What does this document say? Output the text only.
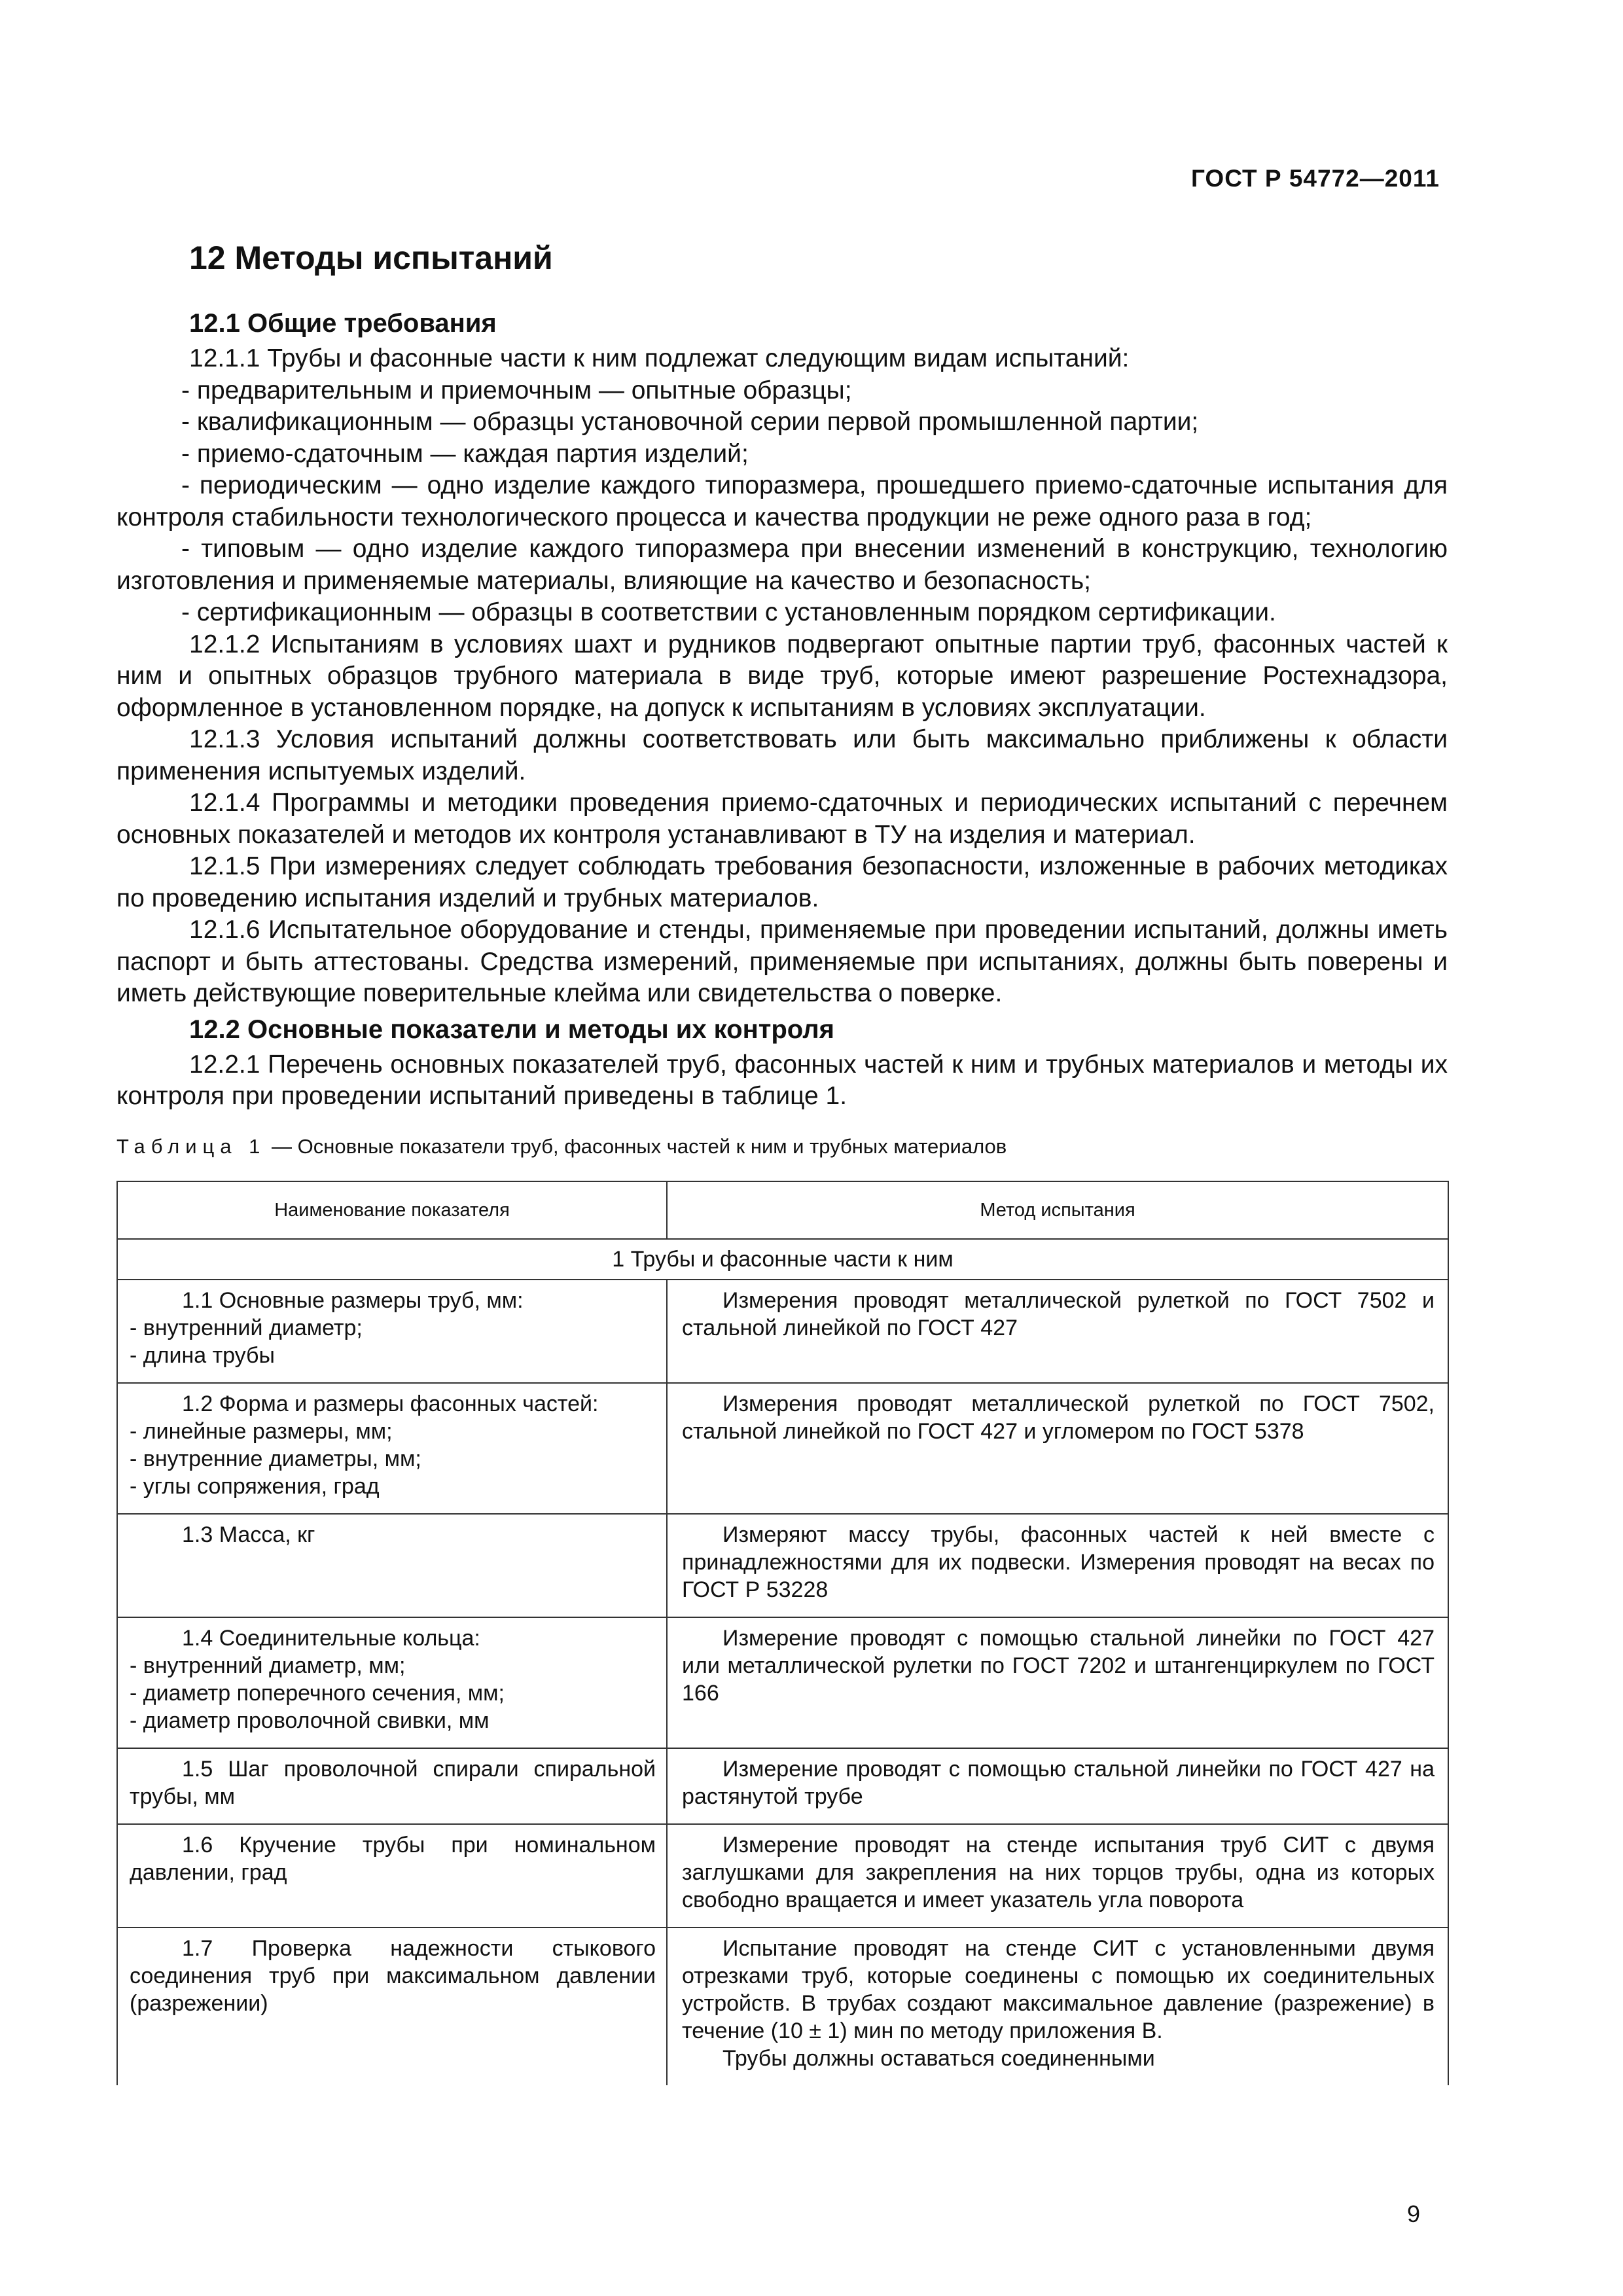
ГОСТ Р 54772—2011
12 Методы испытаний
12.1 Общие требования

12.1.1 Трубы и фасонные части к ним подлежат следующим видам испытаний:

- предварительным и приемочным — опытные образцы;

- квалификационным — образцы установочной серии первой промышленной партии;

- приемо-сдаточным — каждая партия изделий;

- периодическим — одно изделие каждого типоразмера, прошедшего приемо-сдаточные испытания для контроля стабильности технологического процесса и качества продукции не реже одного раза в год;

- типовым — одно изделие каждого типоразмера при внесении изменений в конструкцию, технологию изготовления и применяемые материалы, влияющие на качество и безопасность;

- сертификационным — образцы в соответствии с установленным порядком сертификации.

12.1.2 Испытаниям в условиях шахт и рудников подвергают опытные партии труб, фасонных частей к ним и опытных образцов трубного материала в виде труб, которые имеют разрешение Ростехнадзора, оформленное в установленном порядке, на допуск к испытаниям в условиях эксплуатации.

12.1.3 Условия испытаний должны соответствовать или быть максимально приближены к области применения испытуемых изделий.

12.1.4 Программы и методики проведения приемо-сдаточных и периодических испытаний с перечнем основных показателей и методов их контроля устанавливают в ТУ на изделия и материал.

12.1.5 При измерениях следует соблюдать требования безопасности, изложенные в рабочих методиках по проведению испытания изделий и трубных материалов.

12.1.6 Испытательное оборудование и стенды, применяемые при проведении испытаний, должны иметь паспорт и быть аттестованы. Средства измерений, применяемые при испытаниях, должны быть поверены и иметь действующие поверительные клейма или свидетельства о поверке.

12.2 Основные показатели и методы их контроля

12.2.1 Перечень основных показателей труб, фасонных частей к ним и трубных материалов и методы их контроля при проведении испытаний приведены в таблице 1.

Таблица 1 — Основные показатели труб, фасонных частей к ним и трубных материалов
Наименование показателя	Метод испытания
1 Трубы и фасонные части к ним	

1.1 Основные размеры труб, мм:
- внутренний диаметр;
- длина трубы	Измерения проводят металлической рулеткой по ГОСТ 7502 и стальной линейкой по ГОСТ 427

1.2 Форма и размеры фасонных частей:
- линейные размеры, мм;
- внутренние диаметры, мм;
- углы сопряжения, град	Измерения проводят металлической рулеткой по ГОСТ 7502, стальной линейкой по ГОСТ 427 и угломером по ГОСТ 5378

1.3 Масса, кг	Измеряют массу трубы, фасонных частей к ней вместе с принадлежностями для их подвески. Измерения проводят на весах по ГОСТ Р 53228

1.4 Соединительные кольца:
- внутренний диаметр, мм;
- диаметр поперечного сечения, мм;
- диаметр проволочной свивки, мм	Измерение проводят с помощью стальной линейки по ГОСТ 427 или металлической рулетки по ГОСТ 7202 и штангенциркулем по ГОСТ 166

1.5 Шаг проволочной спирали спиральной трубы, мм	Измерение проводят с помощью стальной линейки по ГОСТ 427 на растянутой трубе

1.6 Кручение трубы при номинальном давлении, град	Измерение проводят на стенде испытания труб СИТ с двумя заглушками для закрепления на них торцов трубы, одна из которых свободно вращается и имеет указатель угла поворота

1.7 Проверка надежности стыкового соединения труб при максимальном давлении (разрежении)	Испытание проводят на стенде СИТ с установленными двумя отрезками труб, которые соединены с помощью их соединительных устройств. В трубах создают максимальное давление (разрежение) в течение (10 ± 1) мин по методу приложения В.
Трубы должны оставаться соединенными
9
